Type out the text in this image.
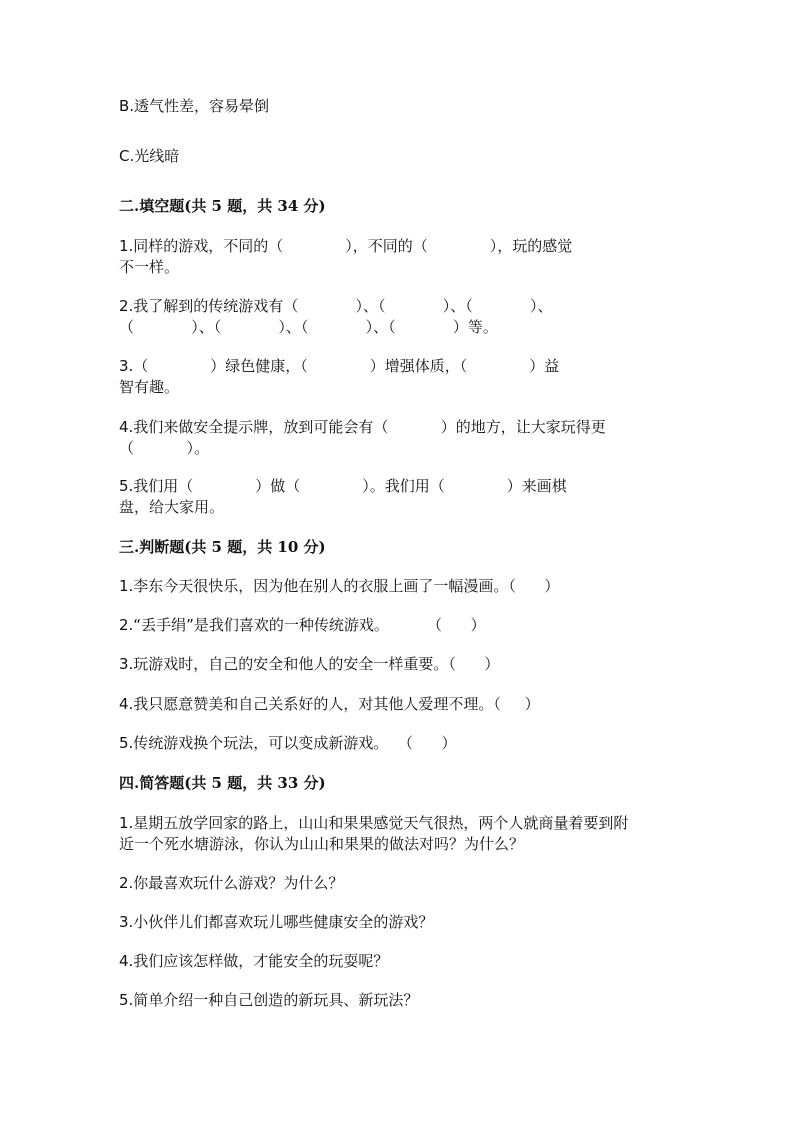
B.透气性差，容易晕倒
C.光线暗
二.填空题(共 5 题，共 34 分)
1.同样的游戏，不同的（             ），不同的（             ），玩的感觉
不一样。
2.我了解到的传统游戏有（            ）、（            ）、（            ）、
（            ）、（            ）、（            ）、（            ）等。
3.（             ）绿色健康，（             ）增强体质，（             ）益
智有趣。
4.我们来做安全提示牌，放到可能会有（           ）的地方，让大家玩得更
（           ）。
5.我们用（             ）做（             ）。我们用（             ）来画棋
盘，给大家用。
三.判断题(共 5 题，共 10 分)
1.李东今天很快乐，因为他在别人的衣服上画了一幅漫画。（      ）
2.“丢手绢”是我们喜欢的一种传统游戏。        （      ）
3.玩游戏时，自己的安全和他人的安全一样重要。（      ）
4.我只愿意赞美和自己关系好的人，对其他人爱理不理。（     ）
5.传统游戏换个玩法，可以变成新游戏。  （      ）
四.简答题(共 5 题，共 33 分)
1.星期五放学回家的路上，山山和果果感觉天气很热，两个人就商量着要到附
近一个死水塘游泳，你认为山山和果果的做法对吗？为什么？
2.你最喜欢玩什么游戏？为什么？
3.小伙伴儿们都喜欢玩儿哪些健康安全的游戏？
4.我们应该怎样做，才能安全的玩耍呢？
5.简单介绍一种自己创造的新玩具、新玩法？
